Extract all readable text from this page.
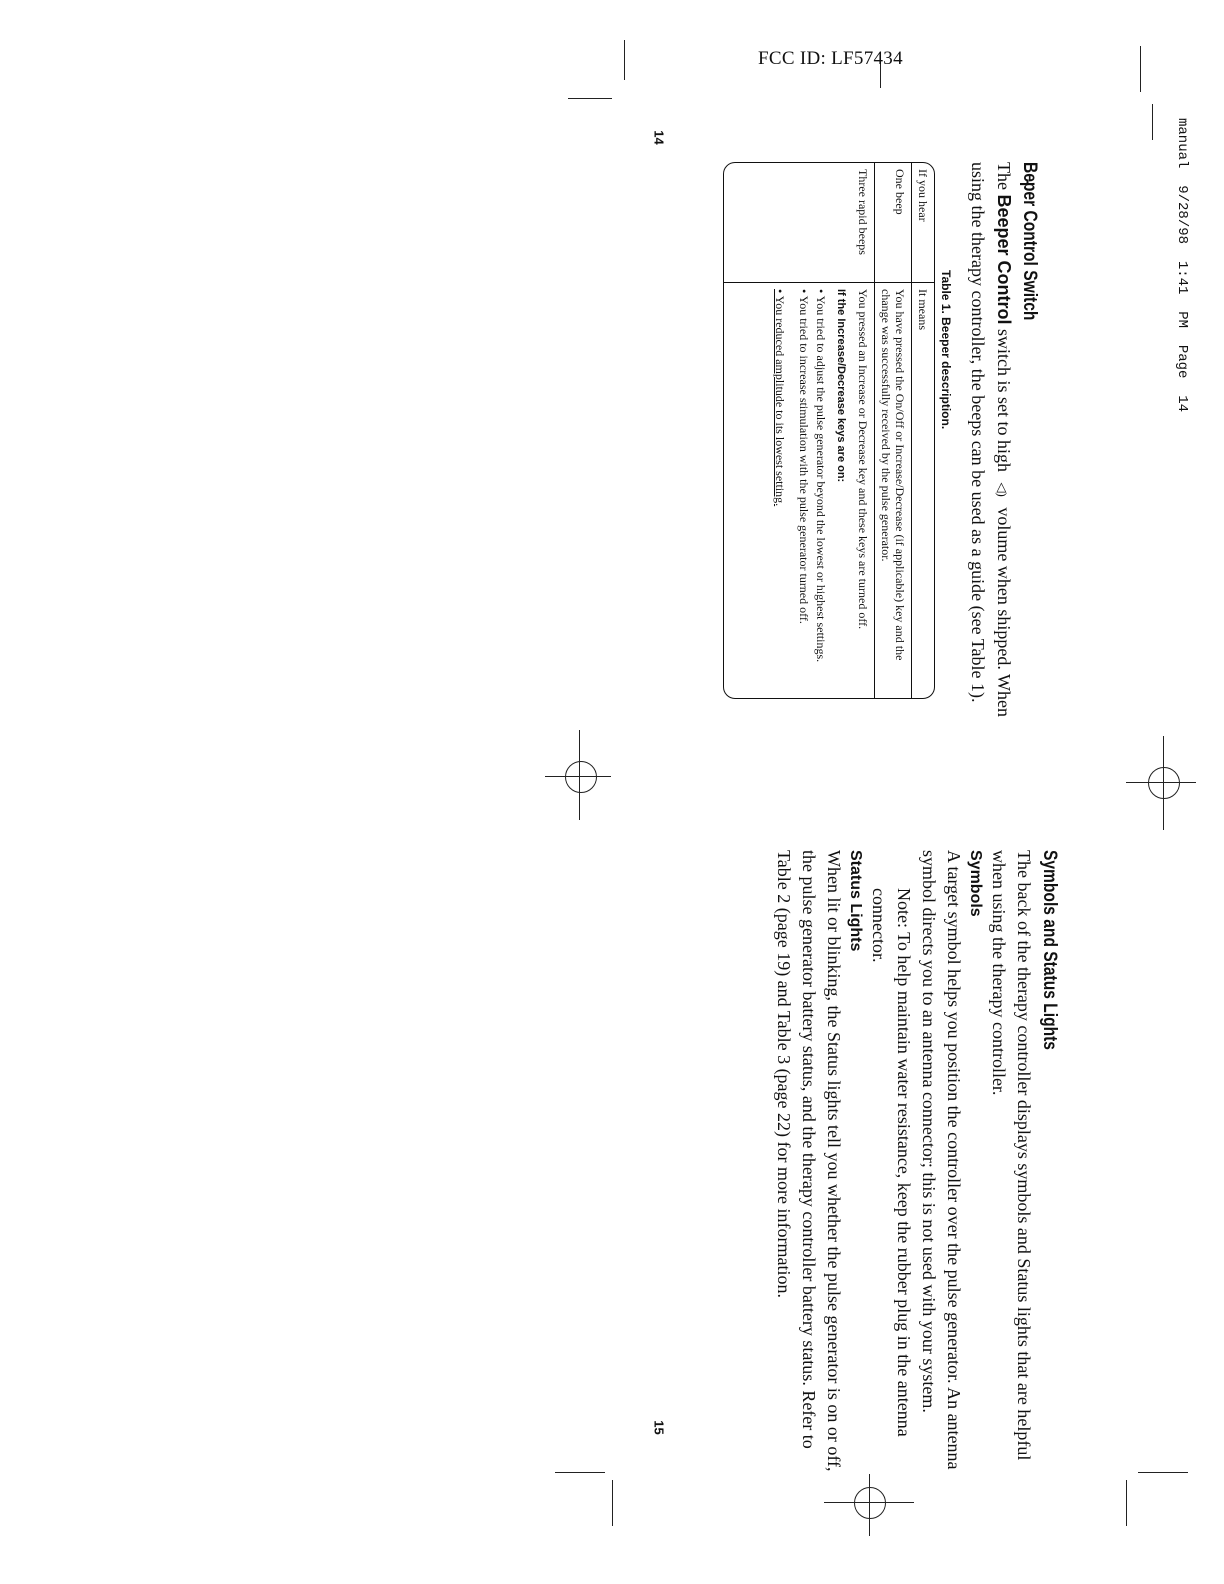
FCC ID: LF57434
manual  9/28/98  1:41  PM  Page  14
Be̵per Control Switch

The Beeper Control switch is set to high ◁) volume when shipped. When using the therapy controller, the beeps can be used as a guide (see Table 1).

Table 1. Beeper description.
If you hear
It means
One beep
You have pressed the On/Off or Increase/Decrease (if applicable) key and the change was successfully received by the pulse generator.
Three rapid beeps
You pressed an Increase or Decrease key and these keys are turned off.
If the Increase/Decrease keys are on:
• You tried to adjust the pulse generator beyond the lowest or highest settings.
• You tried to increase stimulation with the pulse generator turned off.
• You reduced amplitude to its lowest setting.
Symbols and Status Lights

The back of the therapy controller displays symbols and Status lights that are helpful when using the therapy controller.

Symbols

A target symbol helps you position the controller over the pulse generator. An antenna symbol directs you to an antenna connector; this is not used with your system.

Note: To help maintain water resistance, keep the rubber plug in the antenna connector.

Status Lights

When lit or blinking, the Status lights tell you whether the pulse generator is on or off, the pulse generator battery status, and the therapy controller battery status. Refer to Table 2 (page 19) and Table 3 (page 22) for more information.

14
15
